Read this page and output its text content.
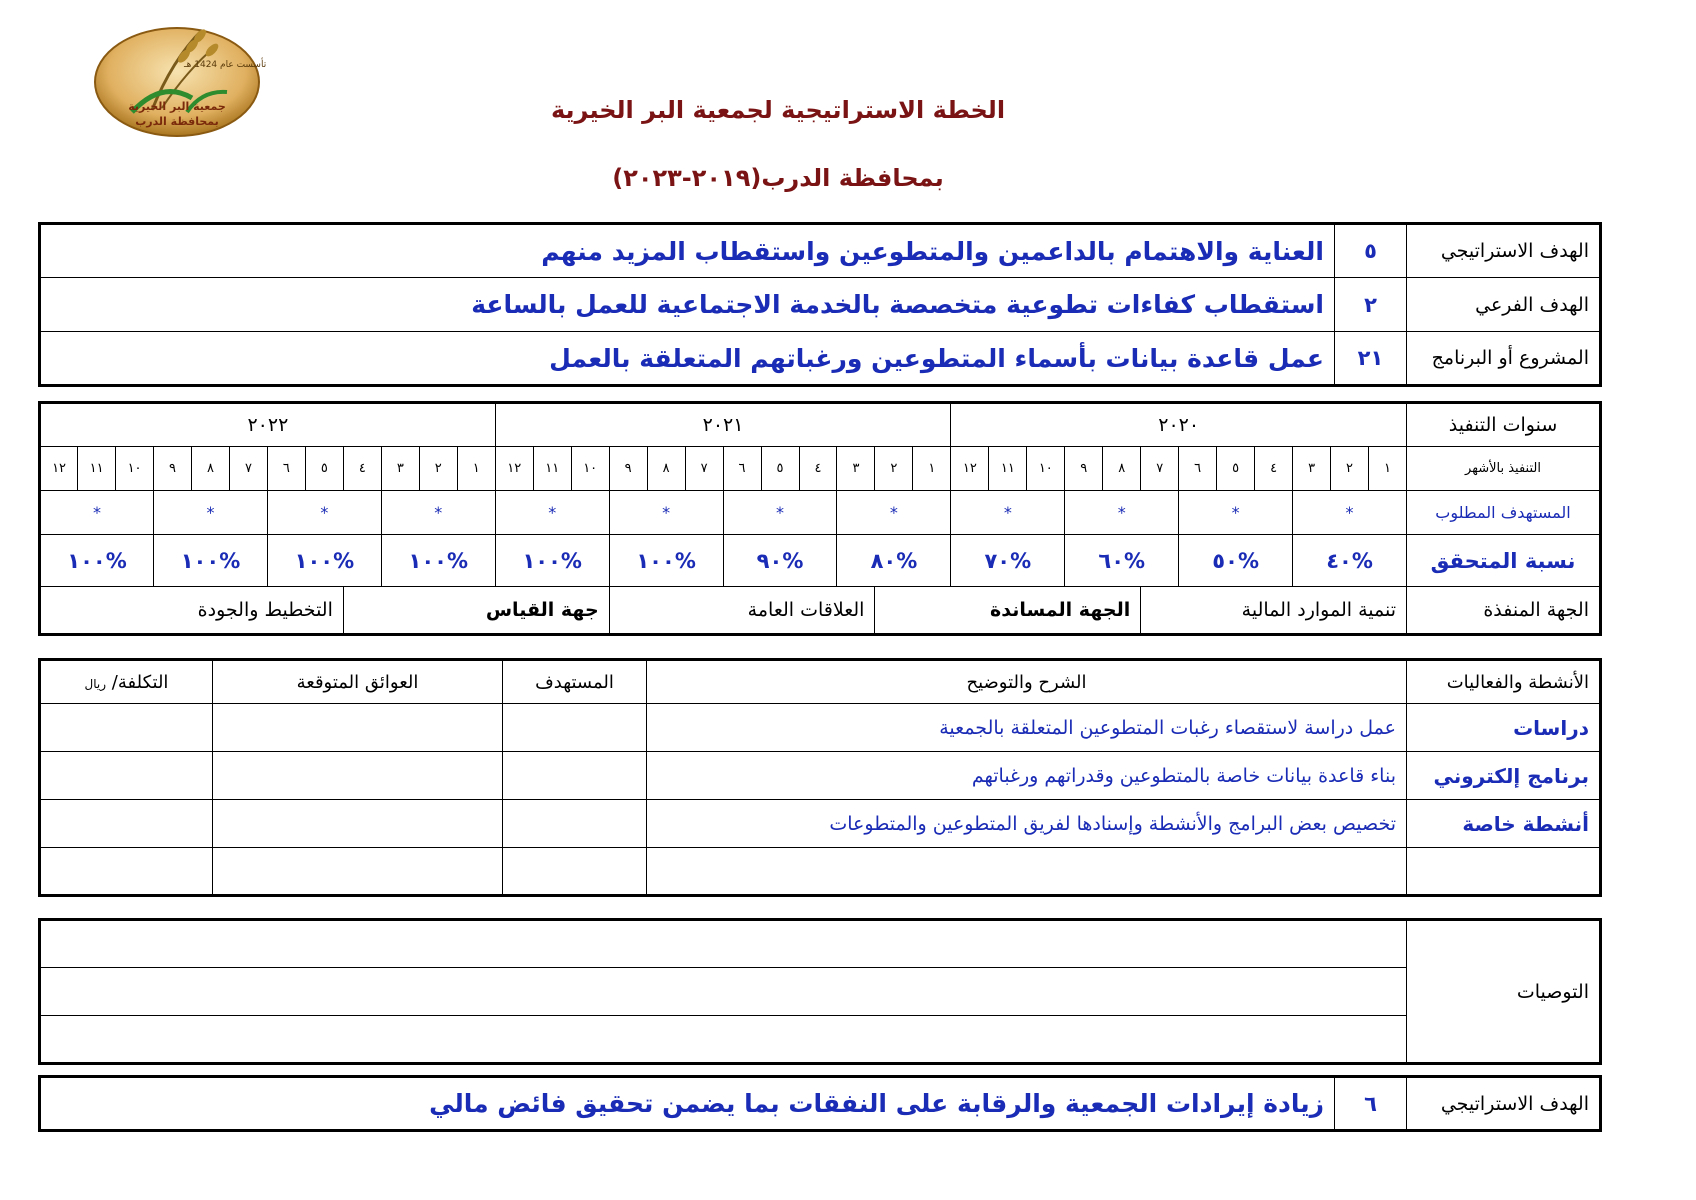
تأسست عام 1424 هـ
جمعية البر الخيرية
بمحافظة الدرب	الخطة الاستراتيجية لجمعية البر الخيرية
بمحافظة الدرب(٢٠١٩-٢٠٢٣)
الهدف الاستراتيجي	٥	العناية والاهتمام بالداعمين والمتطوعين واستقطاب المزيد منهم
الهدف الفرعي	٢	استقطاب كفاءات تطوعية متخصصة بالخدمة الاجتماعية للعمل بالساعة
المشروع أو البرنامج	٢١	عمل قاعدة بيانات بأسماء المتطوعين ورغباتهم المتعلقة بالعمل
سنوات التنفيذ	٢٠٢٠												٢٠٢١												٢٠٢٢											
التنفيذ بالأشهر	١	٢	٣	٤	٥	٦	٧	٨	٩	١٠	١١	١٢	١	٢	٣	٤	٥	٦	٧	٨	٩	١٠	١١	١٢	١	٢	٣	٤	٥	٦	٧	٨	٩	١٠	١١	١٢
المستهدف المطلوب	*			*			*			*			*			*			*			*			*			*			*			*		
نسبة المتحقق	%٤٠			%٥٠			%٦٠			%٧٠			%٨٠			%٩٠			%١٠٠			%١٠٠			%١٠٠			%١٠٠			%١٠٠			%١٠٠		
الجهة المنفذة	تنمية الموارد المالية							الجهة المساندة							العلاقات العامة							جهة القياس							التخطيط والجودة							
الأنشطة والفعاليات	الشرح والتوضيح	المستهدف	العوائق المتوقعة	التكلفة/ ريال
دراسات	عمل دراسة لاستقصاء رغبات المتطوعين المتعلقة بالجمعية			
برنامج إلكتروني	بناء قاعدة بيانات خاصة بالمتطوعين وقدراتهم ورغباتهم			
أنشطة خاصة	تخصيص بعض البرامج والأنشطة وإسنادها لفريق المتطوعين والمتطوعات			

التوصيات	

الهدف الاستراتيجي	٦	زيادة إيرادات الجمعية والرقابة على النفقات بما يضمن تحقيق فائض مالي
